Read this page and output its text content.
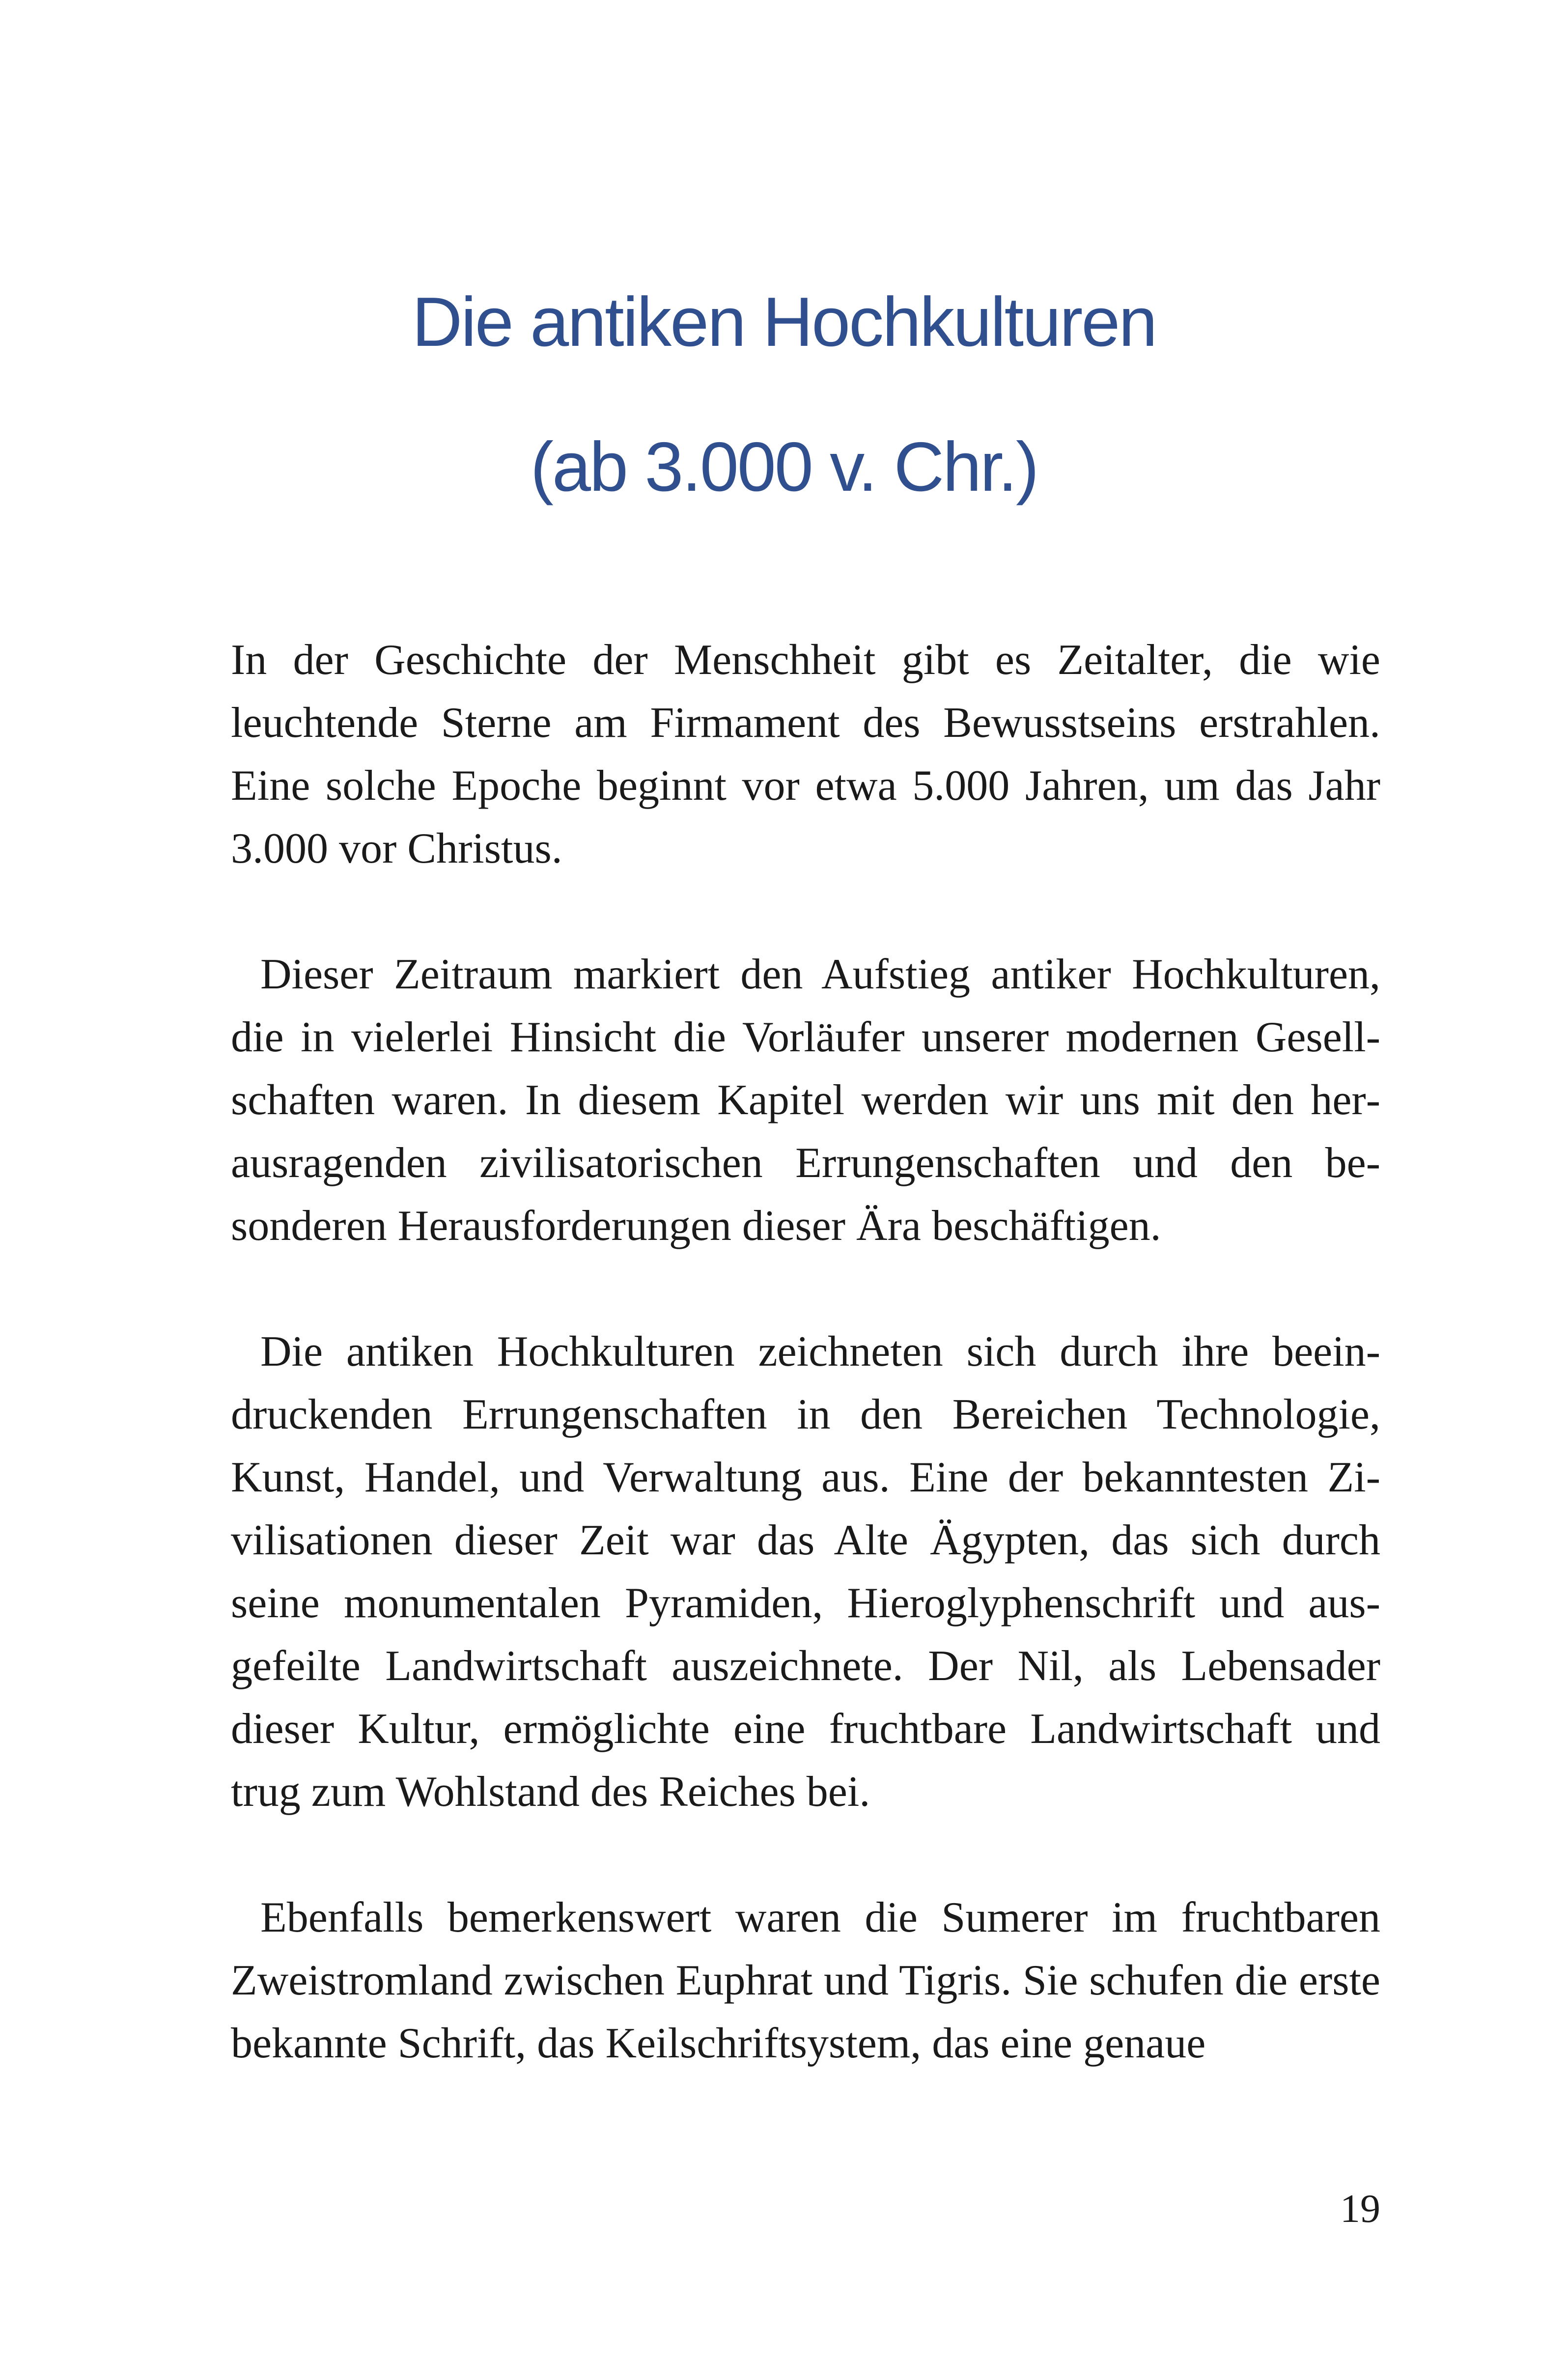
Die antiken Hochkulturen
(ab 3.000 v. Chr.)

In der Geschichte der Menschheit gibt es Zeitalter, die wie leuchtende Sterne am Firmament des Bewusstseins erstrahlen. Eine solche Epoche beginnt vor etwa 5.000 Jahren, um das Jahr 3.000 vor Christus.

Dieser Zeitraum markiert den Aufstieg antiker Hochkulturen, die in vielerlei Hinsicht die Vorläufer unserer modernen Gesellschaften waren. In diesem Kapitel werden wir uns mit den herausragenden zivilisatorischen Errungenschaften und den besonderen Herausforderungen dieser Ära beschäftigen.

Die antiken Hochkulturen zeichneten sich durch ihre beeindruckenden Errungenschaften in den Bereichen Technologie, Kunst, Handel, und Verwaltung aus. Eine der bekanntesten Zivilisationen dieser Zeit war das Alte Ägypten, das sich durch seine monumentalen Pyramiden, Hieroglyphenschrift und ausgefeilte Landwirtschaft auszeichnete. Der Nil, als Lebensader dieser Kultur, ermöglichte eine fruchtbare Landwirtschaft und trug zum Wohlstand des Reiches bei.

Ebenfalls bemerkenswert waren die Sumerer im fruchtbaren Zweistromland zwischen Euphrat und Tigris. Sie schufen die erste bekannte Schrift, das Keilschriftsystem, das eine genaue

19
